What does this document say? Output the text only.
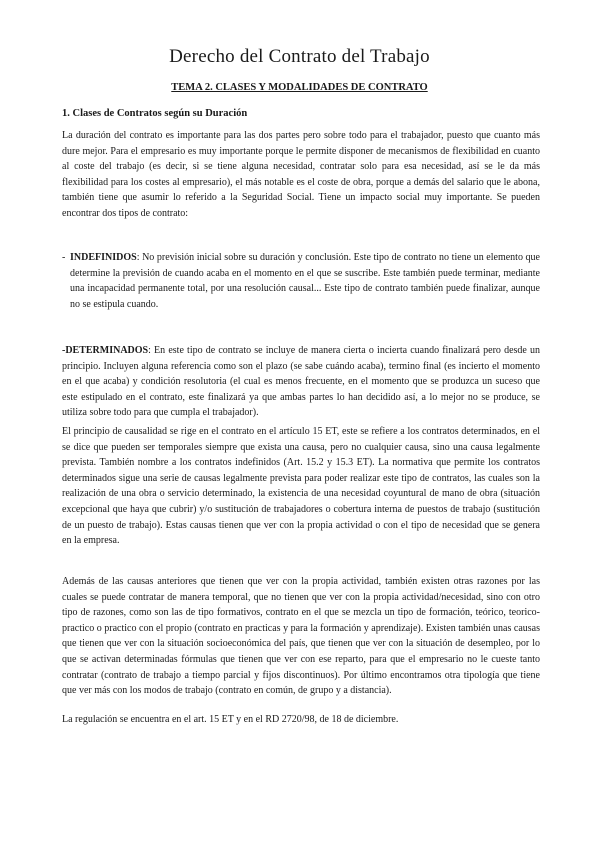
Derecho del Contrato del Trabajo
TEMA 2. CLASES Y MODALIDADES DE CONTRATO
1. Clases de Contratos según su Duración

La duración del contrato es importante para las dos partes pero sobre todo para el trabajador, puesto que cuanto más dure mejor. Para el empresario es muy importante porque le permite disponer de mecanismos de flexibilidad en cuanto al coste del trabajo (es decir, si se tiene alguna necesidad, contratar solo para esa necesidad, así se le da más flexibilidad para los costes al empresario), el más notable es el coste de obra, porque a demás del salario que le abona, también tiene que asumir lo referido a la Seguridad Social. Tiene un impacto social muy importante. Se pueden encontrar dos tipos de contrato:

- INDEFINIDOS: No previsión inicial sobre su duración y conclusión. Este tipo de contrato no tiene un elemento que determine la previsión de cuando acaba en el momento en el que se suscribe. Este también puede terminar, mediante una incapacidad permanente total, por una resolución causal... Este tipo de contrato también puede finalizar, aunque no se estipula cuando.

-DETERMINADOS: En este tipo de contrato se incluye de manera cierta o incierta cuando finalizará pero desde un principio. Incluyen alguna referencia como son el plazo (se sabe cuándo acaba), termino final (es incierto el momento en el que acaba) y condición resolutoria (el cual es menos frecuente, en el momento que se produzca un suceso que este estipulado en el contrato, este finalizará ya que ambas partes lo han decidido así, a lo mejor no se produce, se utiliza sobre todo para que cumpla el trabajador).

El principio de causalidad se rige en el contrato en el artículo 15 ET, este se refiere a los contratos determinados, en el se dice que pueden ser temporales siempre que exista una causa, pero no cualquier causa, sino una causa legalmente prevista. También nombre a los contratos indefinidos (Art. 15.2 y 15.3 ET). La normativa que permite los contratos determinados sigue una serie de causas legalmente prevista para poder realizar este tipo de contratos, las cuales son la realización de una obra o servicio determinado, la existencia de una necesidad coyuntural de mano de obra (situación excepcional que haya que cubrir) y/o sustitución de trabajadores o cobertura interna de puestos de trabajo (sustitución de un puesto de trabajo). Estas causas tienen que ver con la propia actividad o con el tipo de necesidad que se genera en la empresa.

Además de las causas anteriores que tienen que ver con la propia actividad, también existen otras razones por las cuales se puede contratar de manera temporal, que no tienen que ver con la propia actividad/necesidad, sino con otro tipo de razones, como son las de tipo formativos, contrato en el que se mezcla un tipo de formación, teórico, teorico-practico o practico con el propio (contrato en practicas y para la formación y aprendizaje). Existen también unas causas que tienen que ver con la situación socioeconómica del país, que tienen que ver con la situación de desempleo, por lo que se activan determinadas fórmulas que tienen que ver con ese reparto, para que el empresario no le cueste tanto contratar (contrato de trabajo a tiempo parcial y fijos discontinuos). Por último encontramos otra tipología que tiene que ver más con los modos de trabajo (contrato en común, de grupo y a distancia).

La regulación se encuentra en el art. 15 ET y en el RD 2720/98, de 18 de diciembre.
